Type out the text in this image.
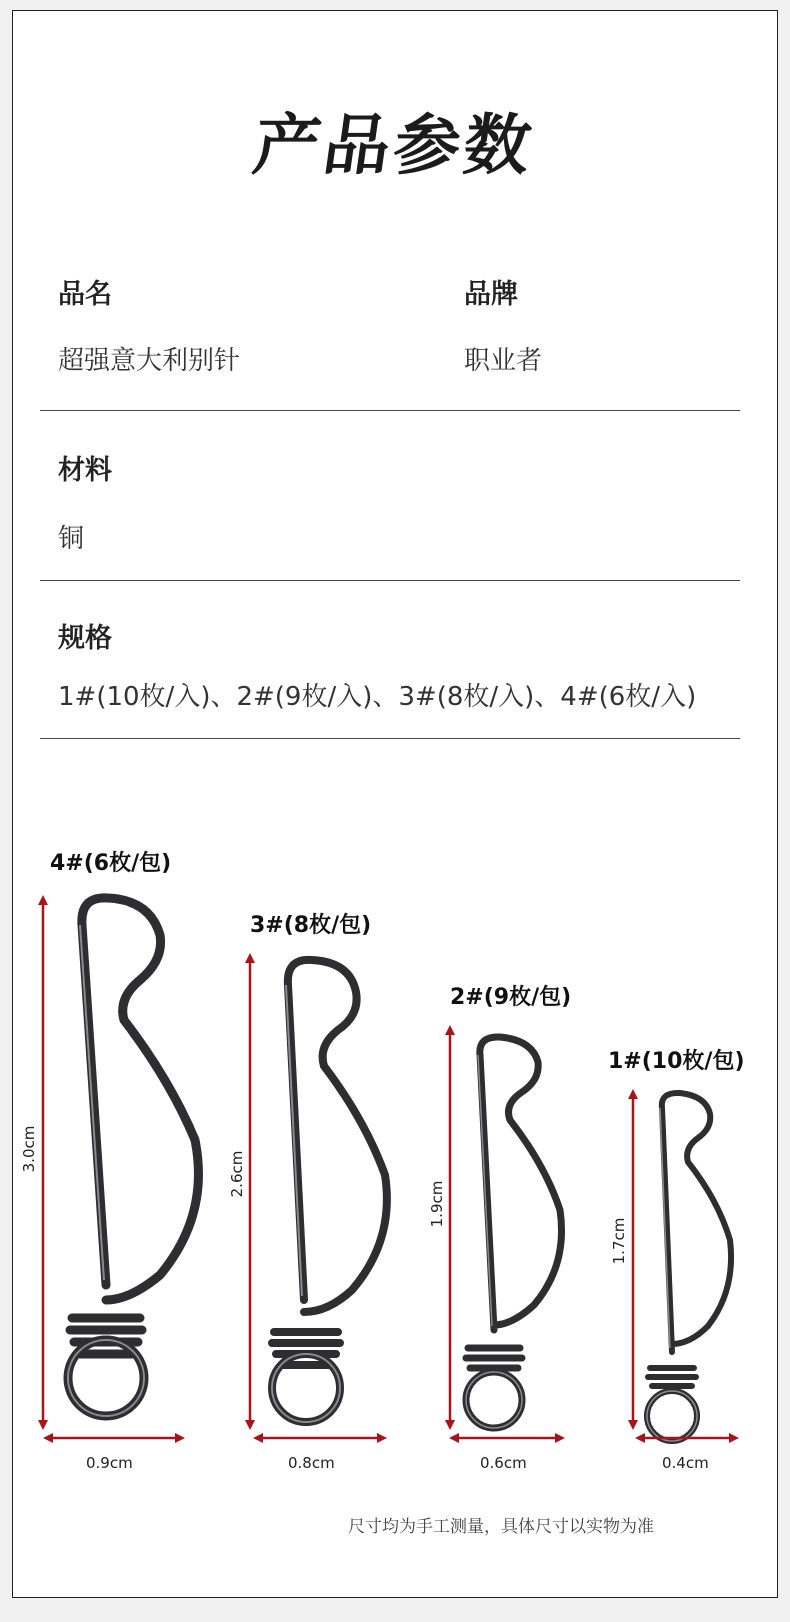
产品参数
品名
超强意大利别针
品牌
职业者
材料
铜
规格
1#(10枚/入)、2#(9枚/入)、3#(8枚/入)、4#(6枚/入)
4#(6枚/包)
3#(8枚/包)
2#(9枚/包)
1#(10枚/包)
3.0cm
2.6cm
1.9cm
1.7cm
0.9cm	0.8cm	0.6cm	0.4cm
尺寸均为手工测量，具体尺寸以实物为准
